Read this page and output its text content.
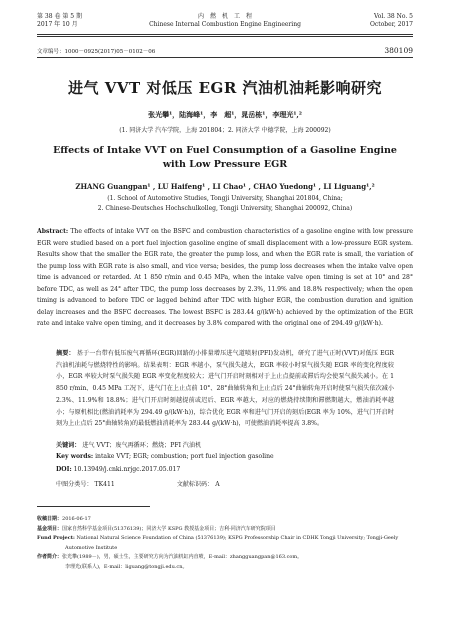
第 38 卷 第 5 期
2017 年 10 月
内　燃　机　工　程
Chinese Internal Combustion Engine Engineering
Vol. 38 No. 5
October, 2017
文章编号：1000－0925(2017)05－0102－06	380109
进气 VVT 对低压 EGR 汽油机油耗影响研究
张光攀¹，陆海峰¹，李　超¹，晁岳栋¹，李理光¹,²
(1. 同济大学 汽车学院，上海 201804；2. 同济大学 中德学院，上海 200092)
Effects of Intake VVT on Fuel Consumption of a Gasoline Engine with Low Pressure EGR
ZHANG Guangpan¹ , LU Haifeng¹ , LI Chao¹ , CHAO Yuedong¹ , LI Liguang¹,²
(1. School of Automotive Studies, Tongji University, Shanghai 201804, China;
2. Chinese-Deutsches Hochschulkolleg, Tongji University, Shanghai 200092, China)
Abstract: The effects of intake VVT on the BSFC and combustion characteristics of a gasoline engine with low pressure EGR were studied based on a port fuel injection gasoline engine of small displacement with a low-pressure EGR system. Results show that the smaller the EGR rate, the greater the pump loss, and when the EGR rate is small, the variation of the pump loss with EGR rate is also small, and vice versa; besides, the pump loss decreases when the intake valve open time is advanced or retarded. At 1 850 r/min and 0.45 MPa, when the intake valve open timing is set at 10° and 28° before TDC, as well as 24° after TDC, the pump loss decreases by 2.3%, 11.9% and 18.8% respectively; when the open timing is advanced to before TDC or lagged behind after TDC with higher EGR, the combustion duration and ignition delay increases and the BSFC decreases. The lowest BSFC is 283.44 g/(kW·h) achieved by the optimization of the EGR rate and intake valve open timing, and it decreases by 3.8% compared with the original one of 294.49 g/(kW·h).
摘要： 基于一台带有低压废气再循环(EGR)回路的小排量增压进气道喷射(PFI)发动机，研究了进气正时(VVT)对低压 EGR 汽油机油耗与燃烧特性的影响。结果表明：EGR 率越小，泵气损失越大，EGR 率较小时泵气损失随 EGR 率的变化程度较小，EGR 率较大时泵气损失随 EGR 率变化程度较大；进气门开启时刻相对于上止点提前或滞后均会使泵气损失减小。在 1 850 r/min、0.45 MPa 工况下，进气门在上止点前 10°、28°曲轴转角和上止点后 24°曲轴转角开启时使泵气损失依次减小 2.3%、11.9%和 18.8%；进气门开启时刻越提前或迟后、EGR 率越大，对应的燃烧持续期和滞燃期越大，燃油消耗率越小；与原机相比(燃油消耗率为 294.49 g/(kW·h))，综合优化 EGR 率和进气门开启的刻后(EGR 率为 10%，进气门开启时刻为上止点后 25°曲轴转角)的最低燃油消耗率为 283.44 g/(kW·h)，可使燃油消耗率提高 3.8%。
关键词： 进气 VVT；废气再循环；燃烧；PFI 汽油机
Key words: intake VVT; EGR; combustion; port fuel injection gasoline
DOI: 10.13949/j.cnki.nrjgc.2017.05.017
中图分类号： TK411	文献标识码： A
收稿日期：2016-06-17
基金项目：国家自然科学基金项目(51376139)；同济大学 KSPG 教授基金项目；吉利-同济汽车研究院项目
Fund Project: National Natural Science Foundation of China (51376139); KSPG Professorship Chair in CDHK Tongji University; Tongji-Geely
Automotive Institute
作者简介：张光攀(1989－)，男，硕士生，主要研究方向为汽油机缸内直喷，E-mail：zhangguangpan@163.com。
李理光(联系人)，E-mail：liguang@tongji.edu.cn。
